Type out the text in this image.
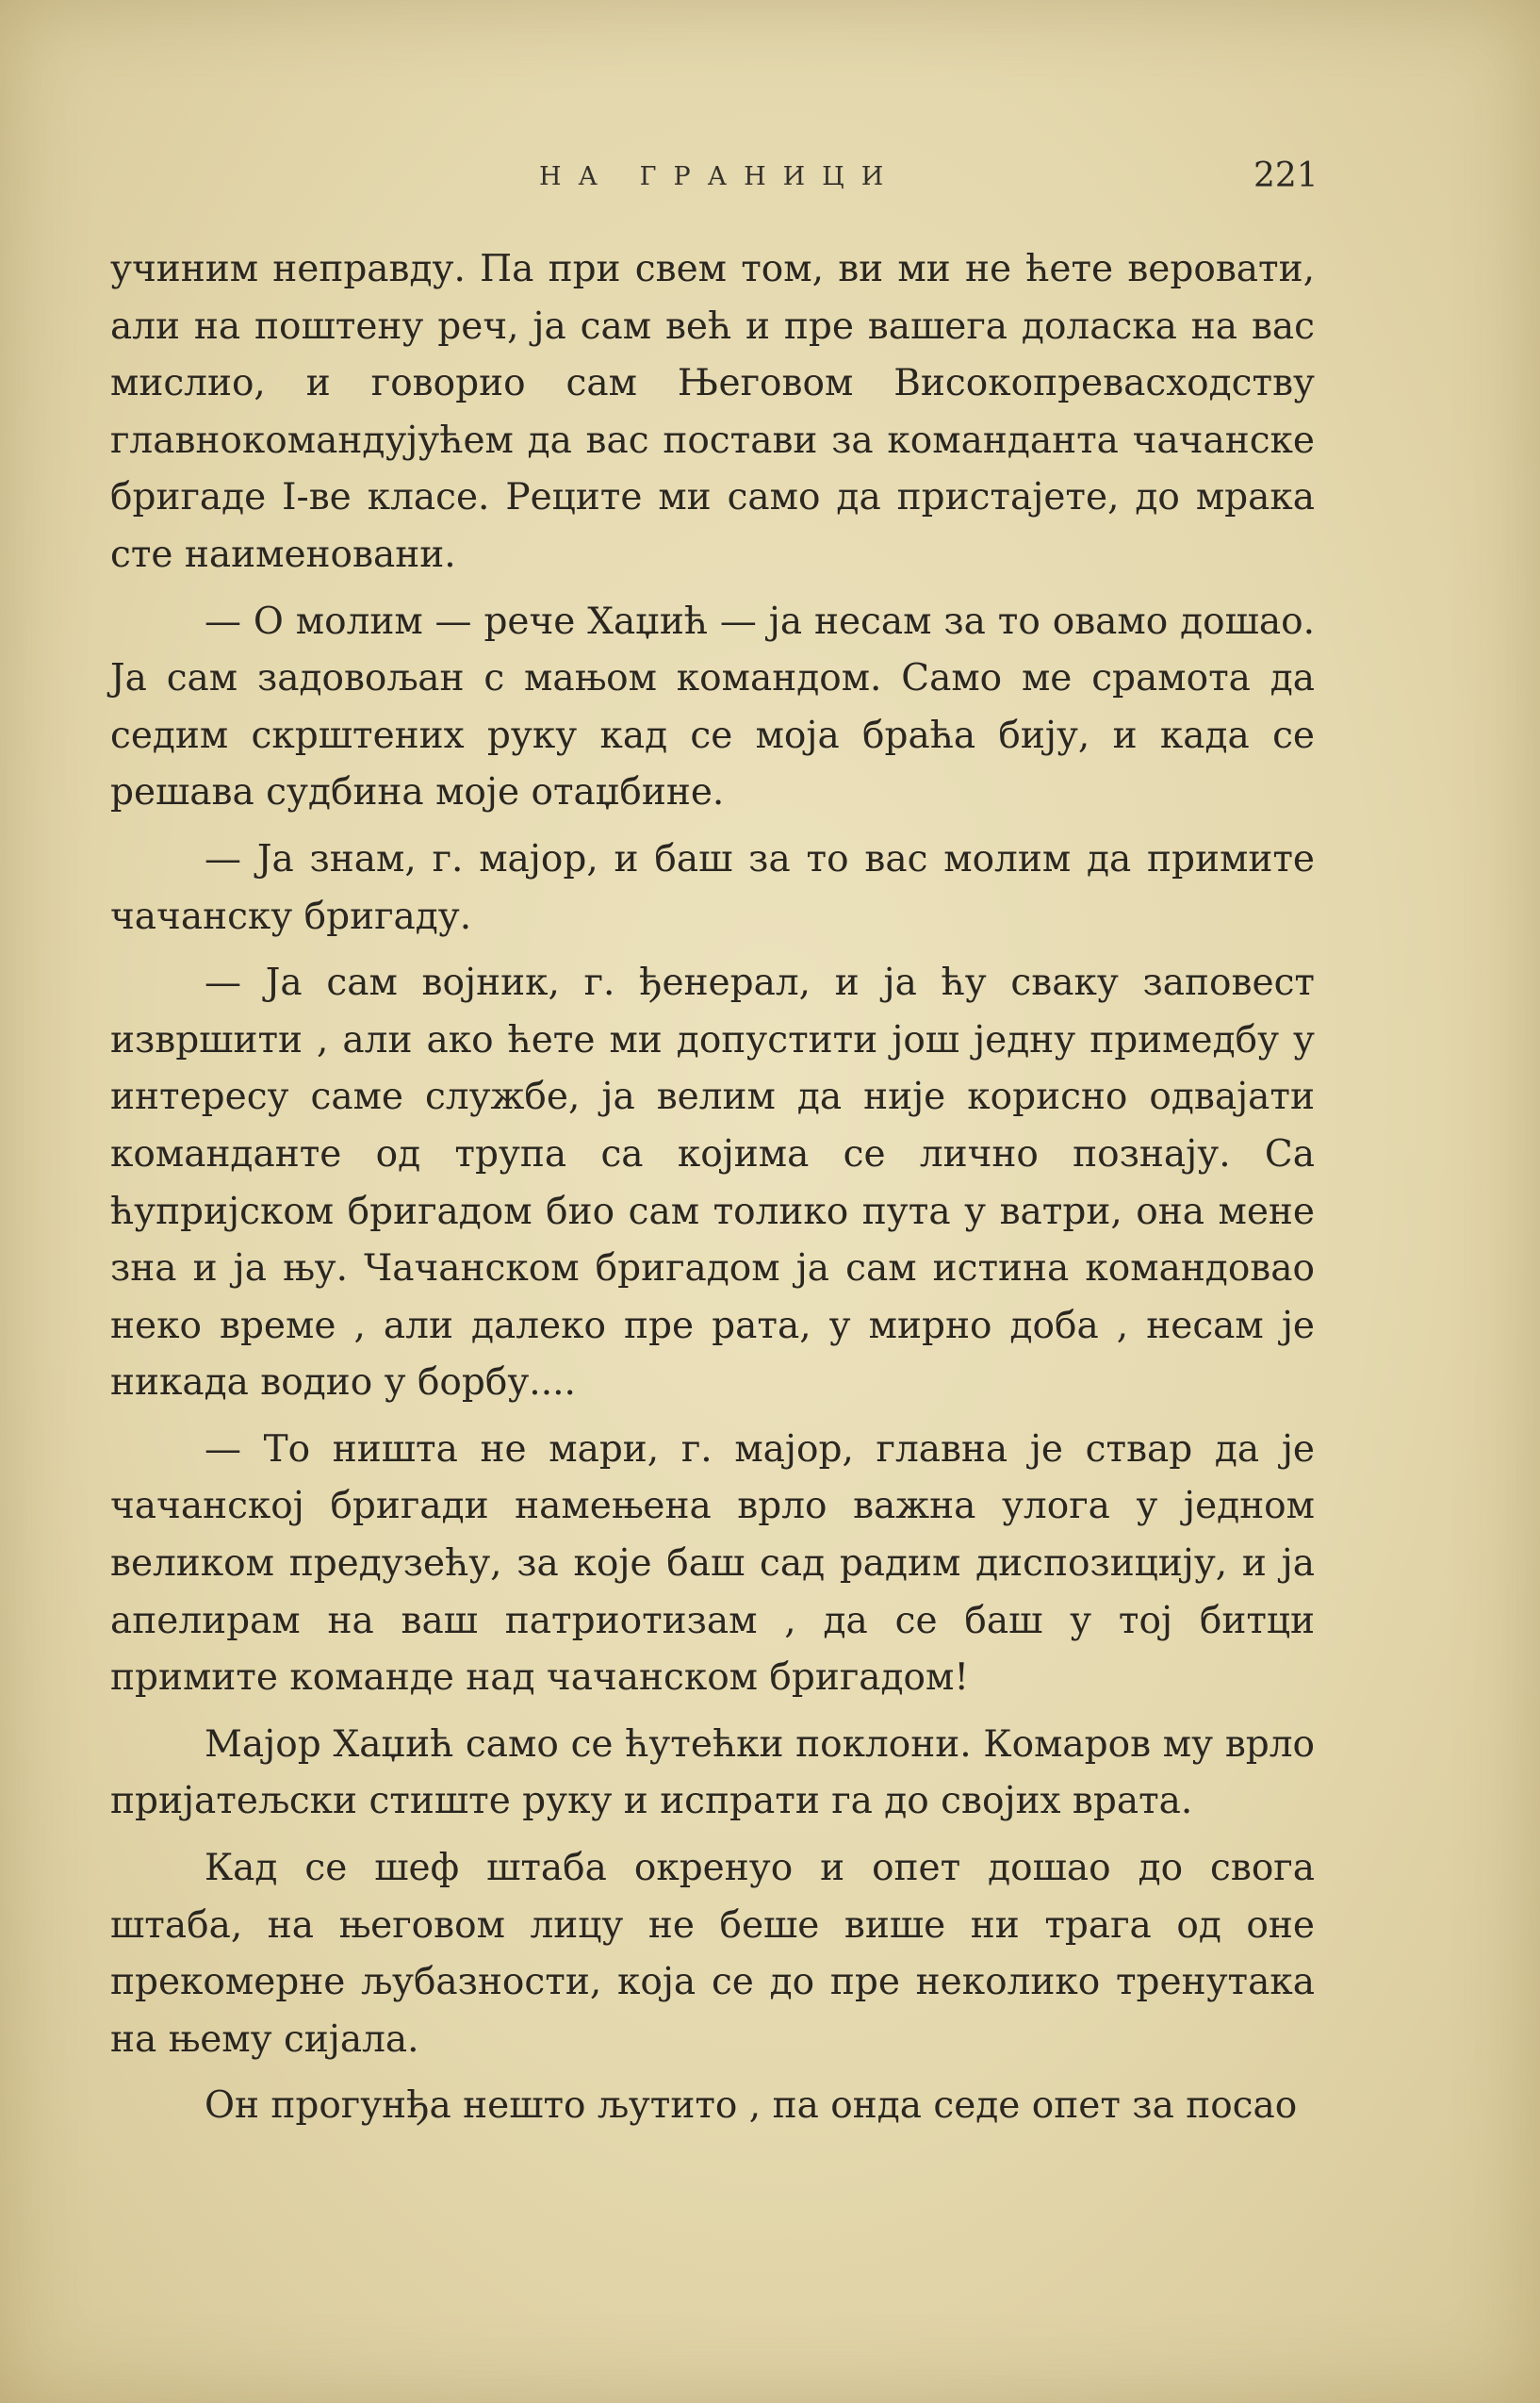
НА ГРАНИЦИ	221

учиним неправду. Па при свем том, ви ми не ћете веровати, али на поштену реч, ја сам већ и пре вашега доласка на вас мислио, и говорио сам Његовом Високопревасходству главнокомандујућем да вас постави за команданта чачанске бригаде I-ве класе. Реците ми само да пристајете, до мрака сте наименовани.

— О молим — рече Хаџић — ја несам за то овамо дошао. Ја сам задовољан с мањом командом. Само ме срамота да седим скрштених руку кад се моја браћа бију, и када се решава судбина моје отаџбине.

— Ја знам, г. мајор, и баш за то вас молим да примите чачанску бригаду.

— Ја сам војник, г. ђенерал, и ја ћу сваку заповест извршити , али ако ћете ми допустити још једну примедбу у интересу саме службе, ја велим да није корисно одвајати команданте од трупа са којима се лично познају. Са ћупријском бригадом био сам толико пута у ватри, она мене зна и ја њу. Чачанском бригадом ја сам истина командовао неко време , али далеко пре рата, у мирно доба , несам је никада водио у борбу....

— То ништа не мари, г. мајор, главна је ствар да је чачанској бригади намењена врло важна улога у једном великом предузећу, за које баш сад радим диспозицију, и ја апелирам на ваш патриотизам , да се баш у тој битци примите команде над чачанском бригадом!

Мајор Хаџић само се ћутећки поклони. Комаров му врло пријатељски стиште руку и испрати га до својих врата.

Кад се шеф штаба окренуо и опет дошао до свога штаба, на његовом лицу не беше више ни трага од оне прекомерне љубазности, која се до пре неколико тренутака на њему сијала.

Он прогунђа нешто љутито , па онда седе опет за посао
